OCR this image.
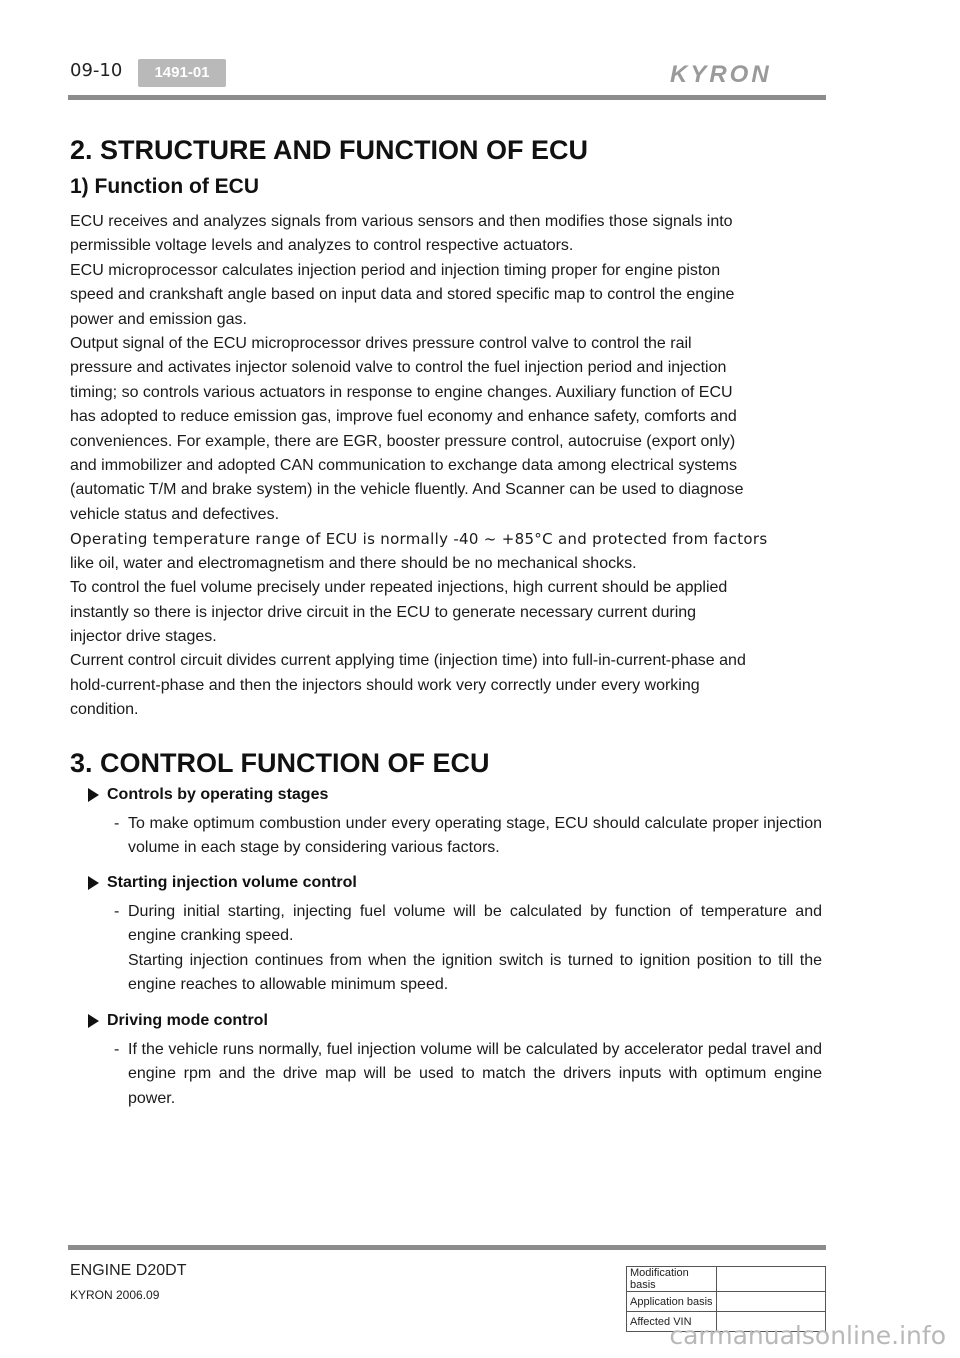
09-10	1491-01	KYRON
2. STRUCTURE AND FUNCTION OF ECU
1) Function of ECU

ECU receives and analyzes signals from various sensors and then modifies those signals into

permissible voltage levels and analyzes to control respective actuators.

ECU microprocessor calculates injection period and injection timing proper for engine piston

speed and crankshaft angle based on input data and stored specific map to control the engine

power and emission gas.

Output signal of the ECU microprocessor drives pressure control valve to control the rail

pressure and activates injector solenoid valve to control the fuel injection period and injection

timing; so controls various actuators in response to engine changes. Auxiliary function of ECU

has adopted to reduce emission gas, improve fuel economy and enhance safety, comforts and

conveniences. For example, there are EGR, booster pressure control, autocruise (export only)

and immobilizer and adopted CAN communication to exchange data among electrical systems

(automatic T/M and brake system) in the vehicle fluently. And Scanner can be used to diagnose

vehicle status and defectives.

Operating temperature range of ECU is normally -40 ~ +85°C and protected from factors

like oil, water and electromagnetism and there should be no mechanical shocks.

To control the fuel volume precisely under repeated injections, high current should be applied

instantly so there is injector drive circuit in the ECU to generate necessary current during

injector drive stages.

Current control circuit divides current applying time (injection time) into full-in-current-phase and

hold-current-phase and then the injectors should work very correctly under every working

condition.

3. CONTROL FUNCTION OF ECU
Controls by operating stages
- To make optimum combustion under every operating stage, ECU should calculate proper injection volume in each stage by considering various factors.

Starting injection volume control
- During initial starting, injecting fuel volume will be calculated by function of temperature and engine cranking speed.

Starting injection continues from when the ignition switch is turned to ignition position to till the engine reaches to allowable minimum speed.

Driving mode control
- If the vehicle runs normally, fuel injection volume will be calculated by accelerator pedal travel and engine rpm and the drive map will be used to match the drivers inputs with optimum engine power.

ENGINE D20DT
KYRON 2006.09
Modification basis	
Application basis	
Affected VIN	
carmanualsonline.info
